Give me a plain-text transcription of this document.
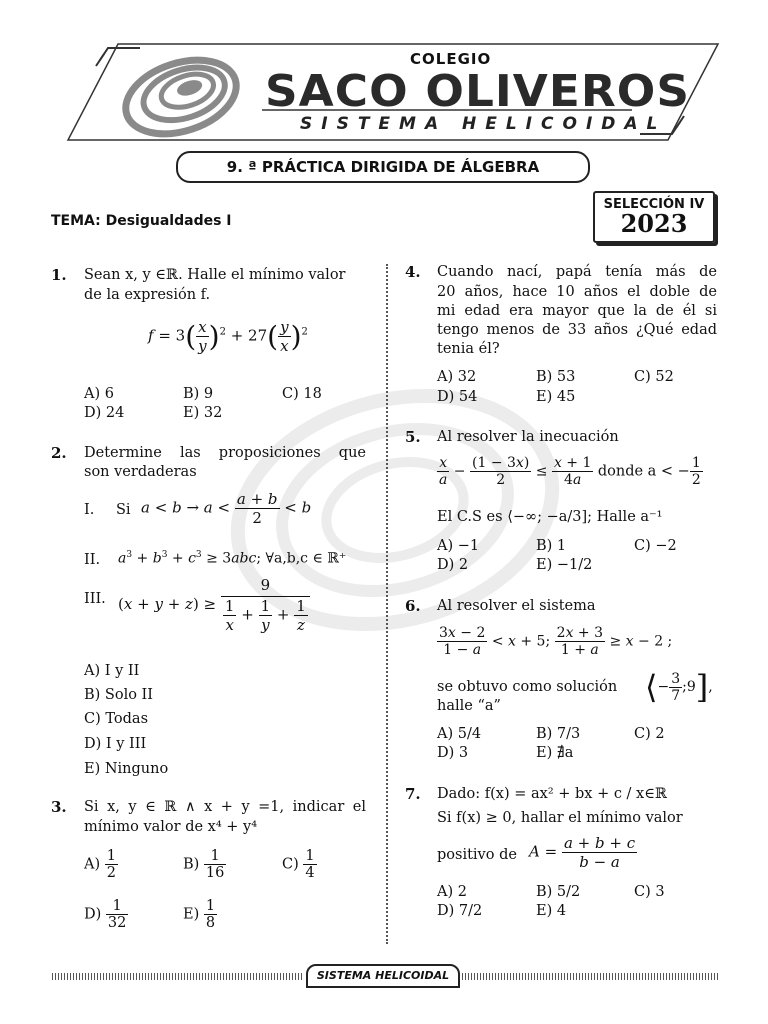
COLEGIO
SACO OLIVEROS
SISTEMA HELICOIDAL
9. ª PRÁCTICA DIRIGIDA DE ÁLGEBRA
SELECCIÓN IV
2023
TEMA: Desigualdades I
1. Sean x, y ∈ℝ. Halle el mínimo valor
de la expresión f.
$f = 3( \frac{x}{y} )^2 + 27( \frac{y}{x} )^2$
A) 6	B) 9	C) 18
D) 24	E) 32
2. Determine las proposiciones que
son verdaderas
I. Si $a < b \to a < \frac{a + b}{2} < b$
II. $a^3 + b^3 + c^3 \ge 3abc$; ∀a,b,c ∈ ℝ⁺
III. $(x + y + z) \ge \frac{9}{\frac{1}{x} + \frac{1}{y} + \frac{1}{z}}$
A) I y II
B) Solo II
C) Todas
D) I y III
E) Ninguno
3. Si x, y ∈ ℝ ∧ x + y =1, indicar el
mínimo valor de x⁴ + y⁴
$A) \frac{1}{2}$	$B) \frac{1}{16}$	$C) \frac{1}{4}$
$D) \frac{1}{32}$	$E) \frac{1}{8}$
4. Cuando nací, papá tenía más de
20 años, hace 10 años el doble de
mi edad era mayor que la de él si
tengo menos de 33 años ¿Qué edad
tenia él?
A) 32	B) 53	C) 52
D) 54	E) 45
5. Al resolver la inecuación
$\frac{x}{a} - \frac{(1 - 3x)}{2} \le \frac{x + 1}{4a}$ donde a < − $\frac{1}{2}$
El C.S es ⟨−∞; −a/3]; Halle a⁻¹
A) −1	B) 1	C) −2
D) 2	E) −1/2
6. Al resolver el sistema
$\frac{3x - 2}{1 - a} < x + 5$; $\frac{2x + 3}{1 + a} \ge x - 2$ ;
se obtuvo como solución ⟨− $\frac{3}{7}$ ;9],
halle “a”
A) 5/4	B) 7/3	C) 2
D) 3	E) ∄a
7. Dado: f(x) = ax² + bx + c / x∈ℝ
Si f(x) ≥ 0, hallar el mínimo valor
positivo de $A = \frac{a + b + c}{b - a}$
A) 2	B) 5/2	C) 3
D) 7/2	E) 4
SISTEMA HELICOIDAL
